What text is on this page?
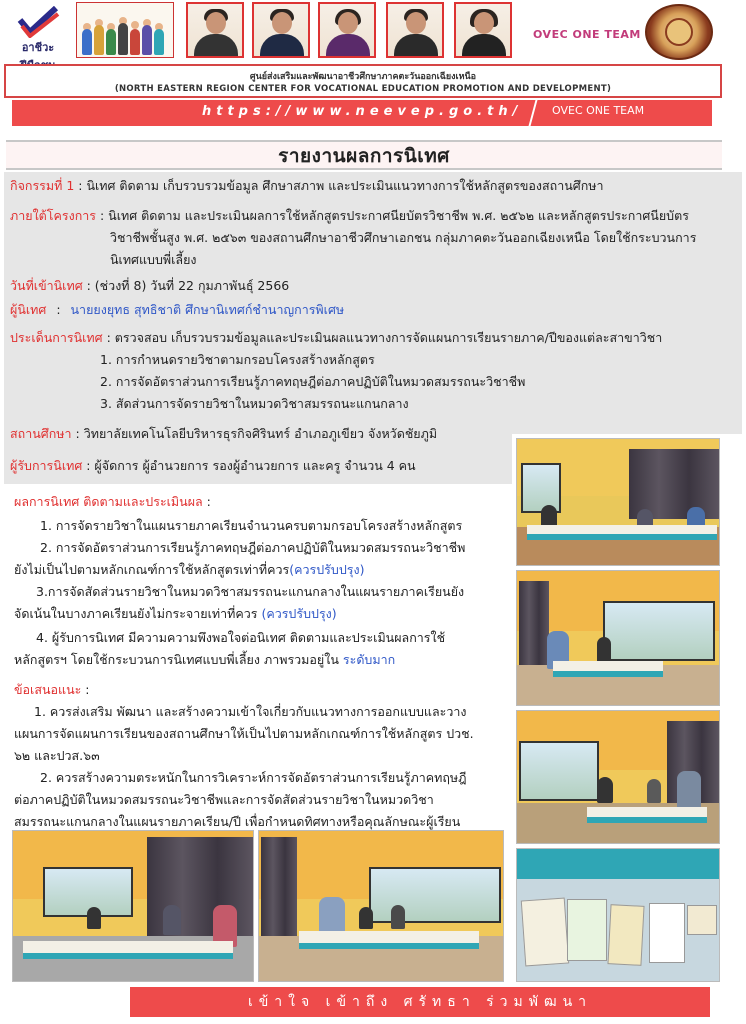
อาชีวะ

OVEC ONE TEAM
ศูนย์ส่งเสริมและพัฒนาอาชีวศึกษาภาคตะวันออกเฉียงเหนือ
(NORTH EASTERN REGION CENTER FOR VOCATIONAL EDUCATION PROMOTION AND DEVELOPMENT)
https://www.neevep.go.th/	OVEC ONE TEAM
รายงานผลการนิเทศ
กิจกรรมที่ 1 : นิเทศ ติดตาม เก็บรวบรวมข้อมูล ศึกษาสภาพ และประเมินแนวทางการใช้หลักสูตรของสถานศึกษา
ภายใต้โครงการ : นิเทศ ติดตาม และประเมินผลการใช้หลักสูตรประกาศนียบัตรวิชาชีพ พ.ศ. ๒๕๖๒ และหลักสูตรประกาศนียบัตร
วิชาชีพชั้นสูง พ.ศ. ๒๕๖๓ ของสถานศึกษาอาชีวศึกษาเอกชน กลุ่มภาคตะวันออกเฉียงเหนือ โดยใช้กระบวนการ
นิเทศแบบพี่เลี้ยง
วันที่เข้านิเทศ : (ช่วงที่ 8) วันที่ 22 กุมภาพันธุ์ 2566
ผู้นิเทศ : นายยงยุทธ สุทธิชาติ ศึกษานิเทศก์ชำนาญการพิเศษ
ประเด็นการนิเทศ : ตรวจสอบ เก็บรวบรวมข้อมูลและประเมินผลแนวทางการจัดแผนการเรียนรายภาค/ปีของแต่ละสาขาวิชา
1. การกำหนดรายวิชาตามกรอบโครงสร้างหลักสูตร
2. การจัดอัตราส่วนการเรียนรู้ภาคทฤษฎีต่อภาคปฏิบัติในหมวดสมรรถนะวิชาชีพ
3. สัดส่วนการจัดรายวิชาในหมวดวิชาสมรรถนะแกนกลาง
สถานศึกษา : วิทยาลัยเทคโนโลยีบริหารธุรกิจศิรินทร์ อำเภอภูเขียว จังหวัดชัยภูมิ
ผู้รับการนิเทศ : ผู้จัดการ ผู้อำนวยการ รองผู้อำนวยการ และครู จำนวน 4 คน
ผลการนิเทศ ติดตามและประเมินผล :
1. การจัดรายวิชาในแผนรายภาคเรียนจำนวนครบตามกรอบโครงสร้างหลักสูตร
2. การจัดอัตราส่วนการเรียนรู้ภาคทฤษฎีต่อภาคปฏิบัติในหมวดสมรรถนะวิชาชีพ
ยังไม่เป็นไปตามหลักเกณฑ์การใช้หลักสูตรเท่าที่ควร(ควรปรับปรุง)
3.การจัดสัดส่วนรายวิชาในหมวดวิชาสมรรถนะแกนกลางในแผนรายภาคเรียนยัง
จัดเน้นในบางภาคเรียนยังไม่กระจายเท่าที่ควร (ควรปรับปรุง)
4. ผู้รับการนิเทศ มีความความพึงพอใจต่อนิเทศ ติดตามและประเมินผลการใช้
หลักสูตรฯ โดยใช้กระบวนการนิเทศแบบพี่เลี้ยง ภาพรวมอยู่ใน ระดับมาก
ข้อเสนอแนะ :
1. ควรส่งเสริม พัฒนา และสร้างความเข้าใจเกี่ยวกับแนวทางการออกแบบและวาง
แผนการจัดแผนการเรียนของสถานศึกษาให้เป็นไปตามหลักเกณฑ์การใช้หลักสูตร ปวช.
๖๒ และปวส.๖๓
2. ควรสร้างความตระหนักในการวิเคราะห์การจัดอัตราส่วนการเรียนรู้ภาคทฤษฎี
ต่อภาคปฏิบัติในหมวดสมรรถนะวิชาชีพและการจัดสัดส่วนรายวิชาในหมวดวิชา
สมรรถนะแกนกลางในแผนรายภาคเรียน/ปี เพื่อกำหนดทิศทางหรือคุณลักษณะผู้เรียน
เข้าใจ เข้าถึง ศรัทธา ร่วมพัฒนา
